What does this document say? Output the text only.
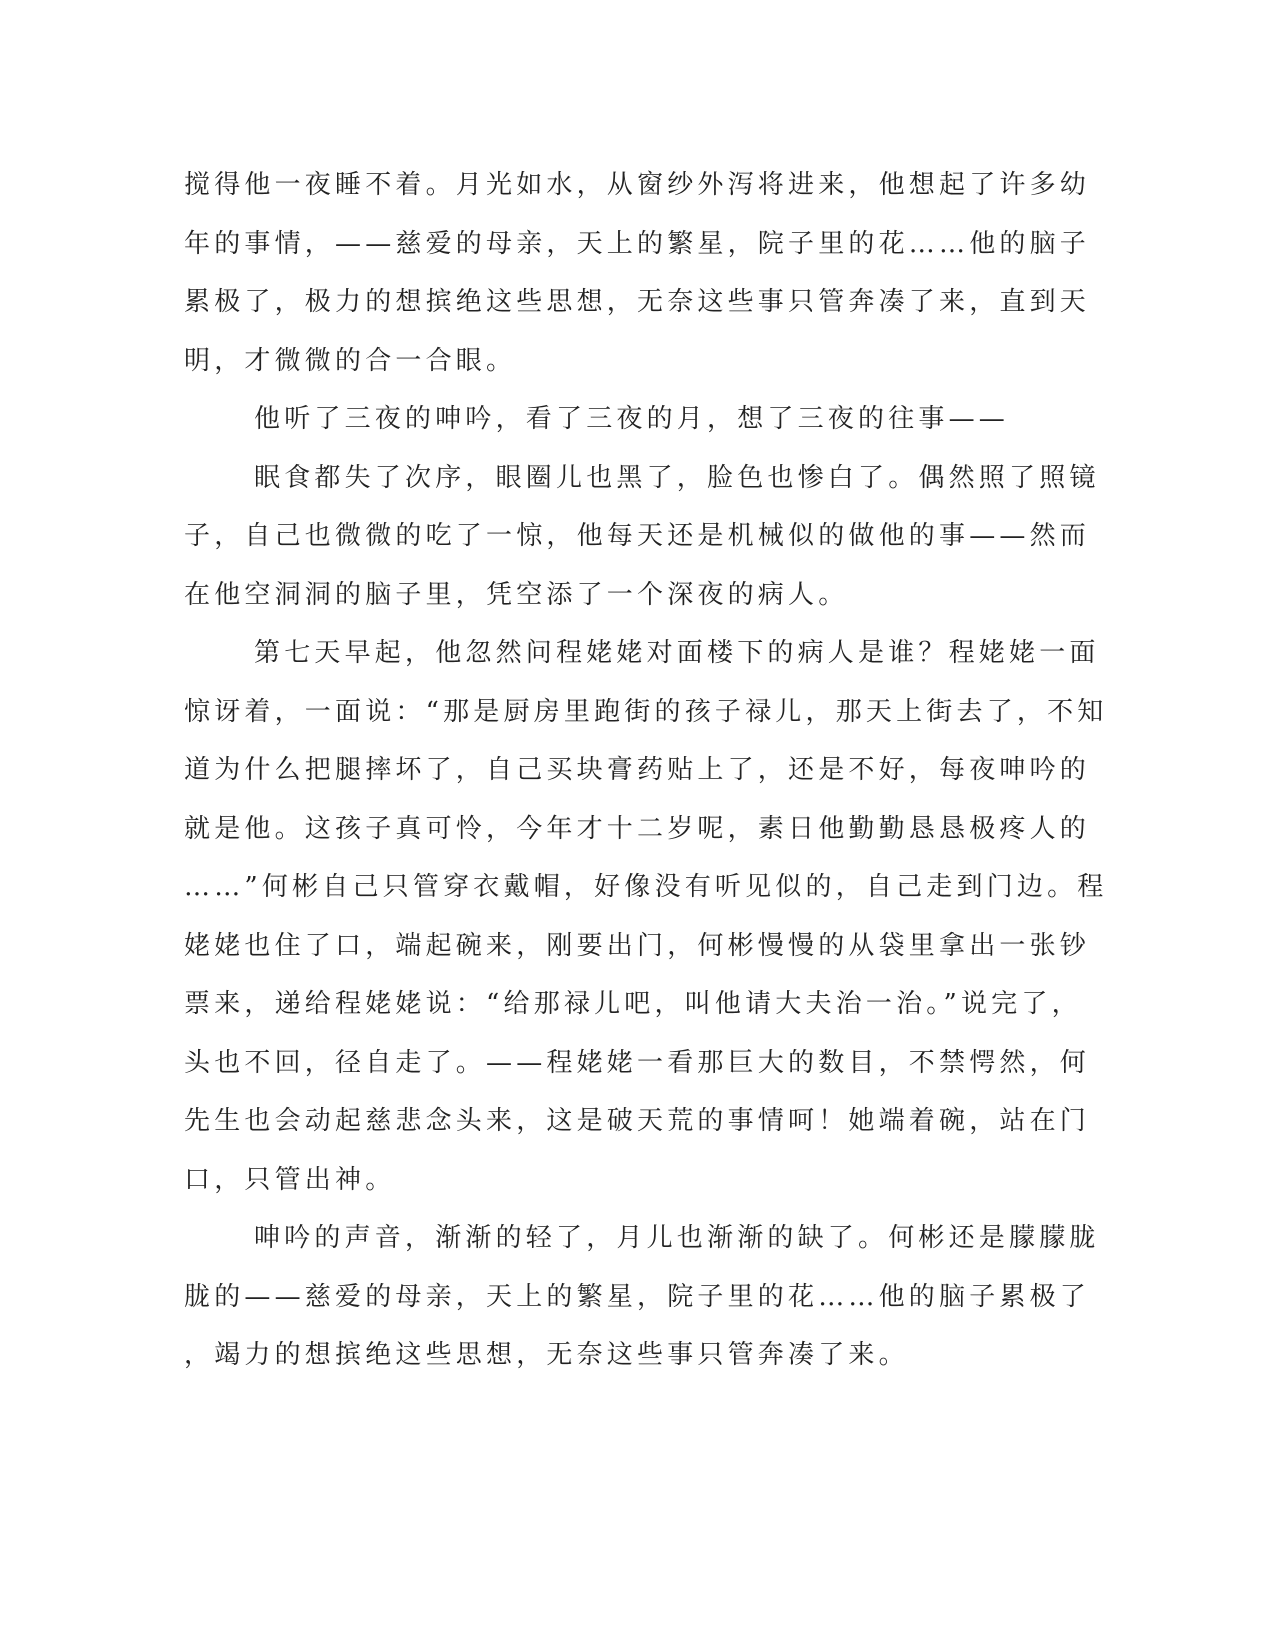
搅得他一夜睡不着。月光如水，从窗纱外泻将进来，他想起了许多幼
年的事情，——慈爱的母亲，天上的繁星，院子里的花……他的脑子
累极了，极力的想摈绝这些思想，无奈这些事只管奔凑了来，直到天
明，才微微的合一合眼。
他听了三夜的呻吟，看了三夜的月，想了三夜的往事——
眠食都失了次序，眼圈儿也黑了，脸色也惨白了。偶然照了照镜
子，自己也微微的吃了一惊，他每天还是机械似的做他的事——然而
在他空洞洞的脑子里，凭空添了一个深夜的病人。
第七天早起，他忽然问程姥姥对面楼下的病人是谁？程姥姥一面
惊讶着，一面说：“那是厨房里跑街的孩子禄儿，那天上街去了，不知
道为什么把腿摔坏了，自己买块膏药贴上了，还是不好，每夜呻吟的
就是他。这孩子真可怜，今年才十二岁呢，素日他勤勤恳恳极疼人的
……”何彬自己只管穿衣戴帽，好像没有听见似的，自己走到门边。程
姥姥也住了口，端起碗来，刚要出门，何彬慢慢的从袋里拿出一张钞
票来，递给程姥姥说：“给那禄儿吧，叫他请大夫治一治。”说完了，
头也不回，径自走了。——程姥姥一看那巨大的数目，不禁愕然，何
先生也会动起慈悲念头来，这是破天荒的事情呵！她端着碗，站在门
口，只管出神。
呻吟的声音，渐渐的轻了，月儿也渐渐的缺了。何彬还是朦朦胧
胧的——慈爱的母亲，天上的繁星，院子里的花……他的脑子累极了
，竭力的想摈绝这些思想，无奈这些事只管奔凑了来。
